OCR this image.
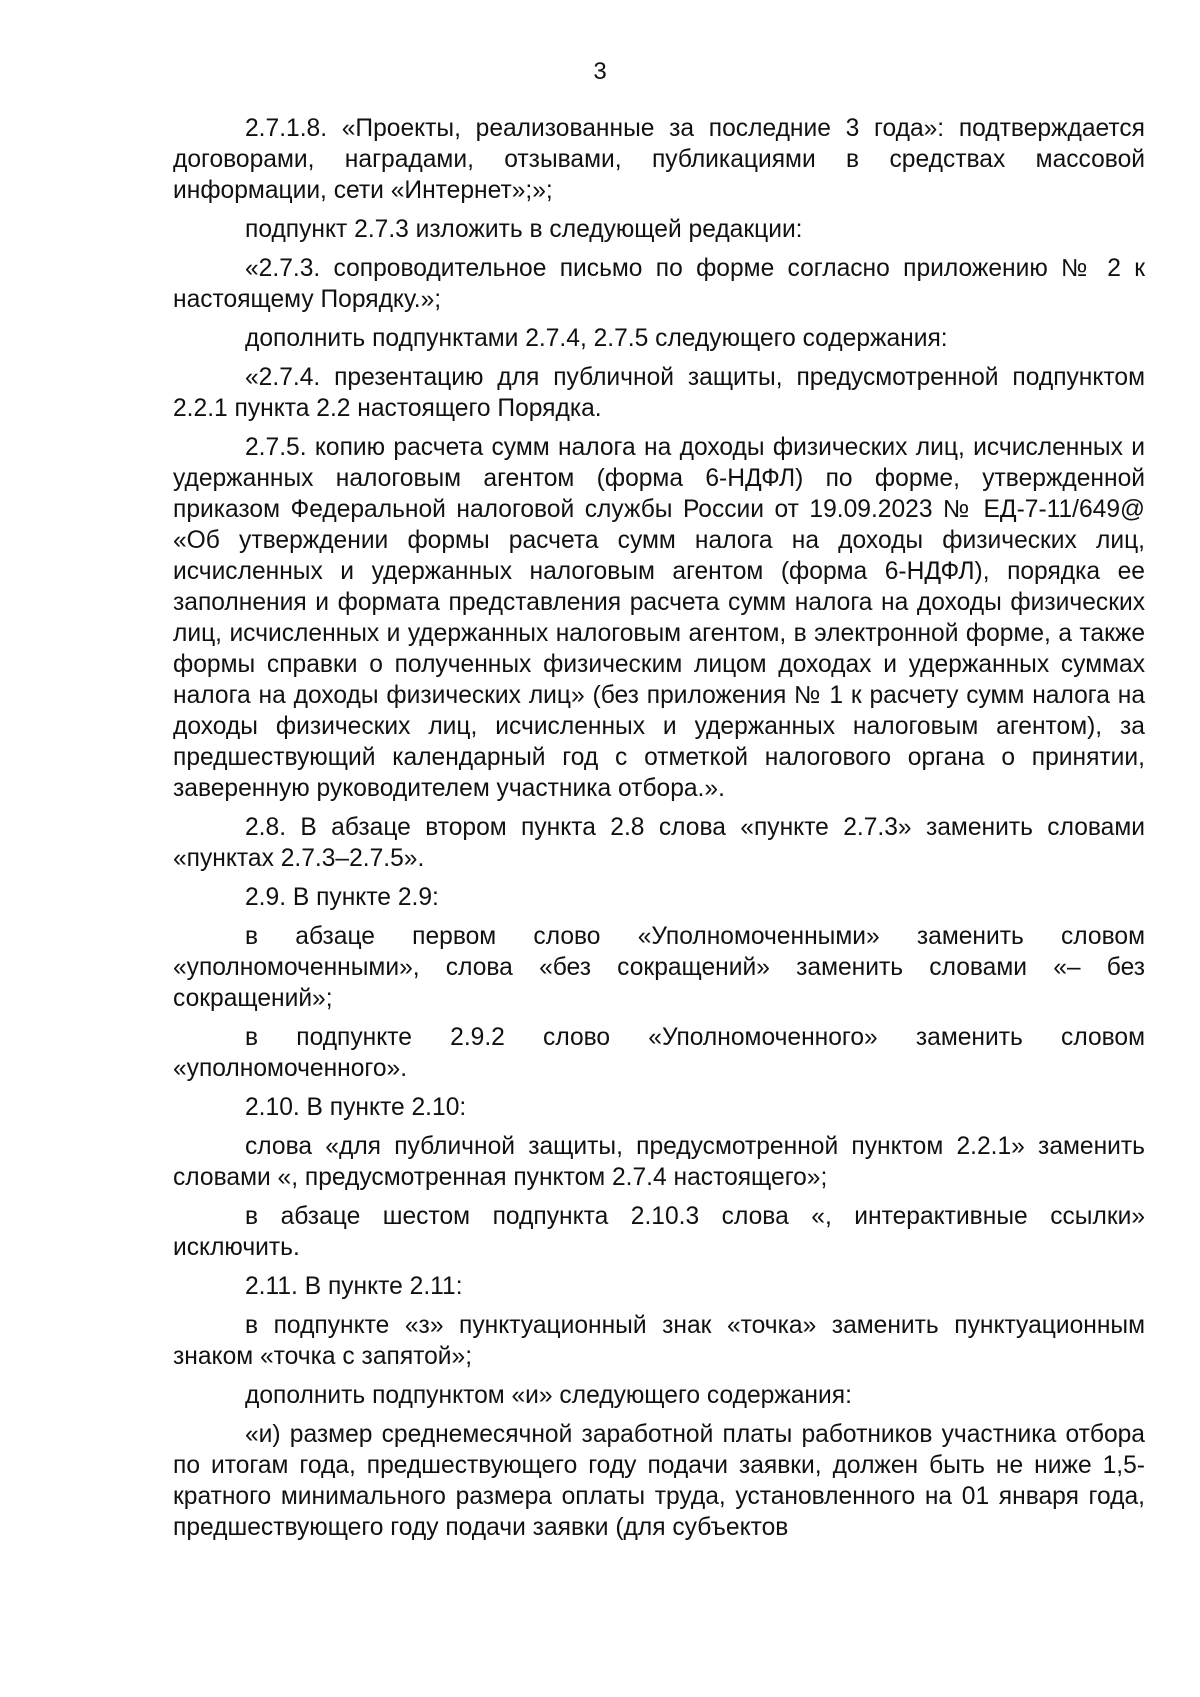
3

2.7.1.8. «Проекты, реализованные за последние 3 года»: подтверждается договорами, наградами, отзывами, публикациями в средствах массовой информации, сети «Интернет»;»;

подпункт 2.7.3 изложить в следующей редакции:

«2.7.3. сопроводительное письмо по форме согласно приложению № 2 к настоящему Порядку.»;

дополнить подпунктами 2.7.4, 2.7.5 следующего содержания:

«2.7.4. презентацию для публичной защиты, предусмотренной подпунктом 2.2.1 пункта 2.2 настоящего Порядка.

2.7.5. копию расчета сумм налога на доходы физических лиц, исчисленных и удержанных налоговым агентом (форма 6-НДФЛ) по форме, утвержденной приказом Федеральной налоговой службы России от 19.09.2023 № ЕД-7-11/649@ «Об утверждении формы расчета сумм налога на доходы физических лиц, исчисленных и удержанных налоговым агентом (форма 6-НДФЛ), порядка ее заполнения и формата представления расчета сумм налога на доходы физических лиц, исчисленных и удержанных налоговым агентом, в электронной форме, а также формы справки о полученных физическим лицом доходах и удержанных суммах налога на доходы физических лиц» (без приложения № 1 к расчету сумм налога на доходы физических лиц, исчисленных и удержанных налоговым агентом), за предшествующий календарный год с отметкой налогового органа о принятии, заверенную руководителем участника отбора.».

2.8. В абзаце втором пункта 2.8 слова «пункте 2.7.3» заменить словами «пунктах 2.7.3–2.7.5».

2.9. В пункте 2.9:

в абзаце первом слово «Уполномоченными» заменить словом «уполномоченными», слова «без сокращений» заменить словами «– без сокращений»;

в подпункте 2.9.2 слово «Уполномоченного» заменить словом «уполномоченного».

2.10. В пункте 2.10:

слова «для публичной защиты, предусмотренной пунктом 2.2.1» заменить словами «, предусмотренная пунктом 2.7.4 настоящего»;

в абзаце шестом подпункта 2.10.3 слова «, интерактивные ссылки» исключить.

2.11. В пункте 2.11:

в подпункте «з» пунктуационный знак «точка» заменить пунктуационным знаком «точка с запятой»;

дополнить подпунктом «и» следующего содержания:

«и) размер среднемесячной заработной платы работников участника отбора по итогам года, предшествующего году подачи заявки, должен быть не ниже 1,5-кратного минимального размера оплаты труда, установленного на 01 января года, предшествующего году подачи заявки (для субъектов
